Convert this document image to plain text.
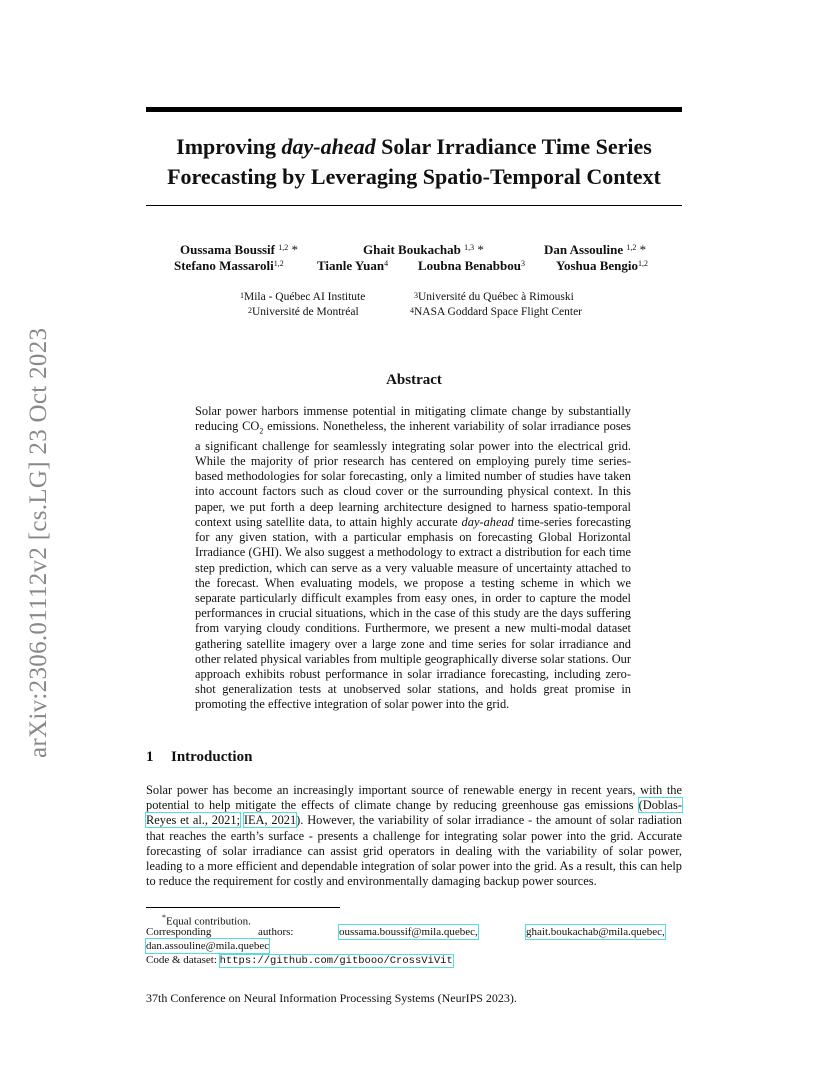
arXiv:2306.01112v2 [cs.LG] 23 Oct 2023
Improving day-ahead Solar Irradiance Time Series
Forecasting by Leveraging Spatio-Temporal Context
Oussama Boussif $^{1,2}$ *	Ghait Boukachab $^{1,3}$ *	Dan Assouline $^{1,2}$ *
Stefano Massaroli$^{1,2}$	Tianle Yuan$^4$ Loubna Benabbou$^3$ Yoshua Bengio$^{1,2}$
$^1$Mila - Québec AI Institute	$^3$Université du Québec à Rimouski
$^2$Université de Montréal	$^4$NASA Goddard Space Flight Center
Abstract

Solar power harbors immense potential in mitigating climate change by substantially reducing $CO_2$ emissions. Nonetheless, the inherent variability of solar irradiance poses a significant challenge for seamlessly integrating solar power into the electrical grid. While the majority of prior research has centered on employing purely time series-based methodologies for solar forecasting, only a limited number of studies have taken into account factors such as cloud cover or the surrounding physical context. In this paper, we put forth a deep learning architecture designed to harness spatio-temporal context using satellite data, to attain highly accurate day-ahead time-series forecasting for any given station, with a particular emphasis on forecasting Global Horizontal Irradiance (GHI). We also suggest a methodology to extract a distribution for each time step prediction, which can serve as a very valuable measure of uncertainty attached to the forecast. When evaluating models, we propose a testing scheme in which we separate particularly difficult examples from easy ones, in order to capture the model performances in crucial situations, which in the case of this study are the days suffering from varying cloudy conditions. Furthermore, we present a new multi-modal dataset gathering satellite imagery over a large zone and time series for solar irradiance and other related physical variables from multiple geographically diverse solar stations. Our approach exhibits robust performance in solar irradiance forecasting, including zero-shot generalization tests at unobserved solar stations, and holds great promise in promoting the effective integration of solar power into the grid.

1 Introduction

Solar power has become an increasingly important source of renewable energy in recent years, with the potential to help mitigate the effects of climate change by reducing greenhouse gas emissions (Doblas-Reyes et al., 2021; IEA, 2021). However, the variability of solar irradiance - the amount of solar radiation that reaches the earth’s surface - presents a challenge for integrating solar power into the grid. Accurate forecasting of solar irradiance can assist grid operators in dealing with the variability of solar power, leading to a more efficient and dependable integration of solar power into the grid. As a result, this can help to reduce the requirement for costly and environmentally damaging backup power sources.

*Equal contribution.
Corresponding	authors:	oussama.boussif@mila.quebec,	ghait.boukachab@mila.quebec,
dan.assouline@mila.quebec
Code & dataset: https://github.com/gitbooo/CrossViVit
37th Conference on Neural Information Processing Systems (NeurIPS 2023).
